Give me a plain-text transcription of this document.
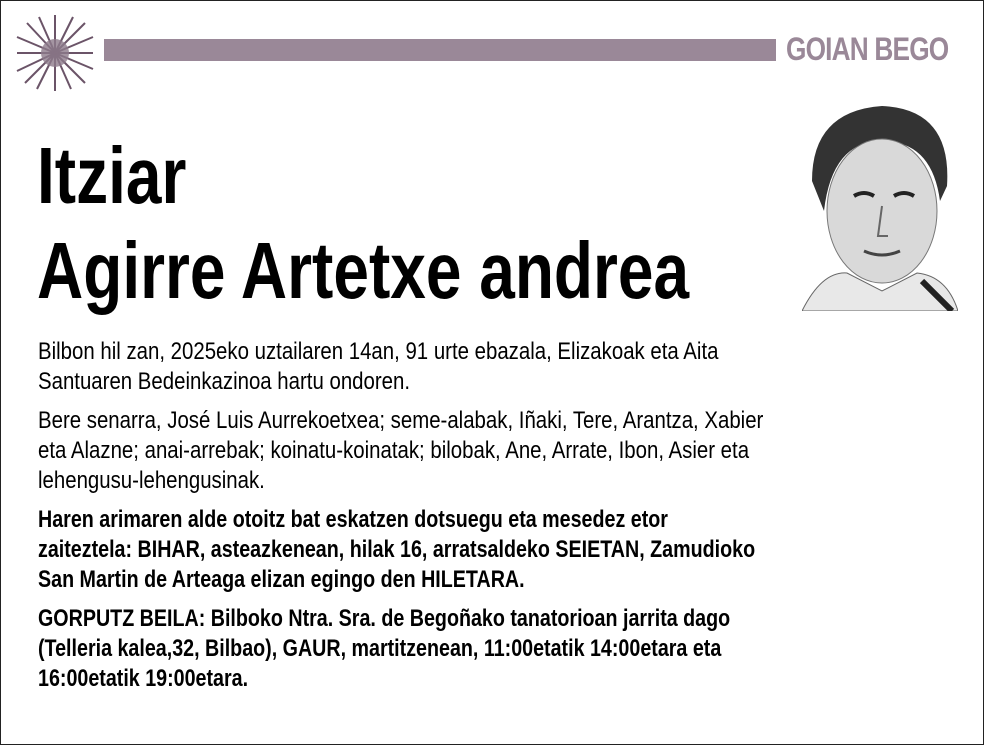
GOIAN BEGO
Itziar
Agirre Artetxe andrea
Bilbon hil zan, 2025eko uztailaren 14an, 91 urte ebazala, Elizakoak eta Aita
Santuaren Bedeinkazinoa hartu ondoren.
Bere senarra, José Luis Aurrekoetxea; seme-alabak, Iñaki, Tere, Arantza, Xabier
eta Alazne; anai-arrebak; koinatu-koinatak; bilobak, Ane, Arrate, Ibon, Asier eta
lehengusu-lehengusinak.
Haren arimaren alde otoitz bat eskatzen dotsuegu eta mesedez etor
zaiteztela: BIHAR, asteazkenean, hilak 16, arratsaldeko SEIETAN, Zamudioko
San Martin de Arteaga elizan egingo den HILETARA.
GORPUTZ BEILA: Bilboko Ntra. Sra. de Begoñako tanatorioan jarrita dago
(Telleria kalea,32, Bilbao), GAUR, martitzenean, 11:00etatik 14:00etara eta
16:00etatik 19:00etara.
